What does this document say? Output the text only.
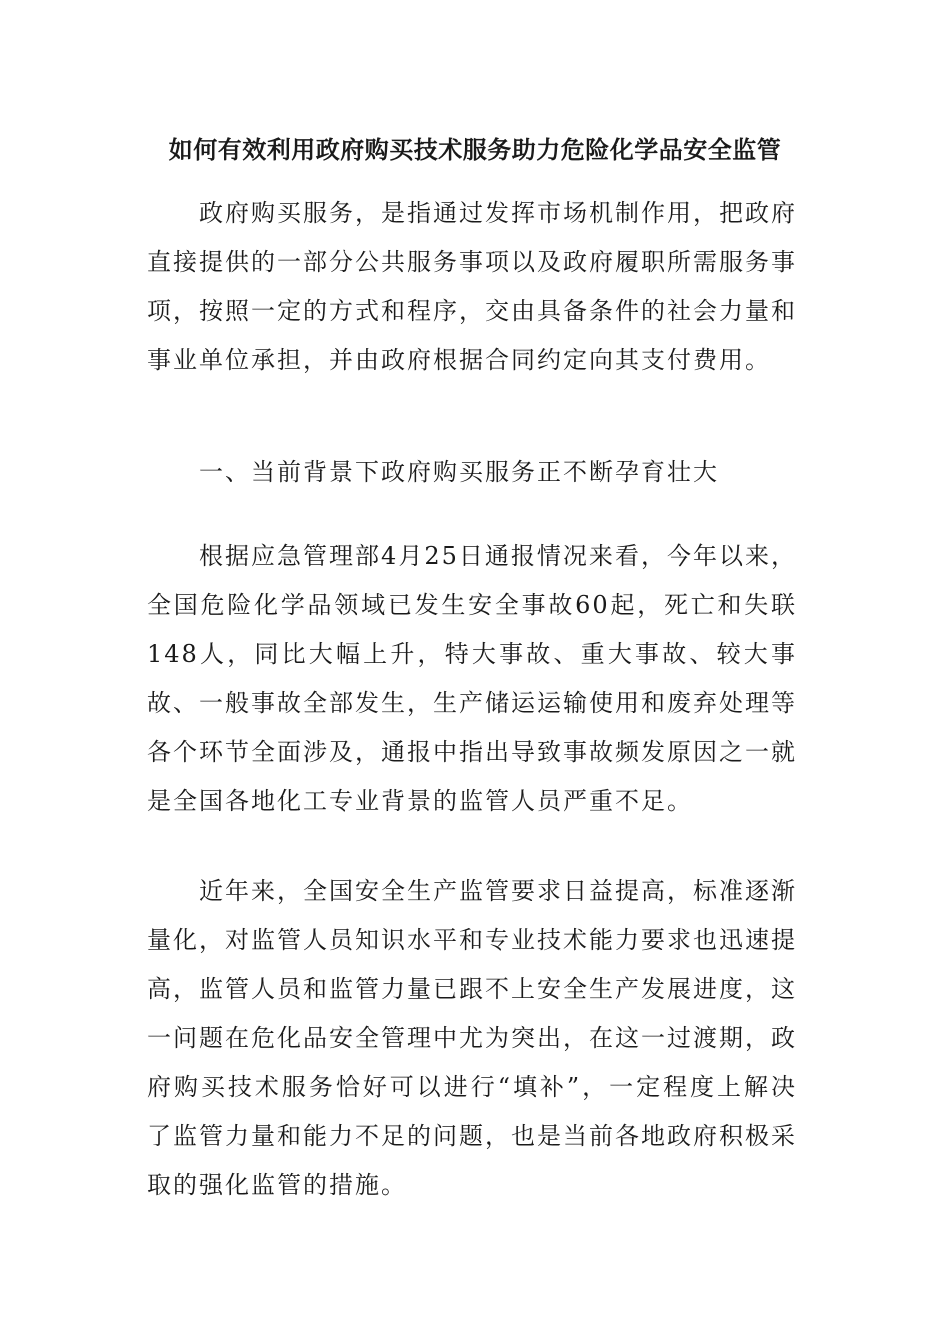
如何有效利用政府购买技术服务助力危险化学品安全监管

政府购买服务，是指通过发挥市场机制作用，把政府直接提供的一部分公共服务事项以及政府履职所需服务事项，按照一定的方式和程序，交由具备条件的社会力量和事业单位承担，并由政府根据合同约定向其支付费用。

一、当前背景下政府购买服务正不断孕育壮大

根据应急管理部4月25日通报情况来看，今年以来，全国危险化学品领域已发生安全事故60起，死亡和失联148人，同比大幅上升，特大事故、重大事故、较大事故、一般事故全部发生，生产储运运输使用和废弃处理等各个环节全面涉及，通报中指出导致事故频发原因之一就是全国各地化工专业背景的监管人员严重不足。

近年来，全国安全生产监管要求日益提高，标准逐渐量化，对监管人员知识水平和专业技术能力要求也迅速提高，监管人员和监管力量已跟不上安全生产发展进度，这一问题在危化品安全管理中尤为突出，在这一过渡期，政府购买技术服务恰好可以进行“填补”，一定程度上解决了监管力量和能力不足的问题，也是当前各地政府积极采取的强化监管的措施。
